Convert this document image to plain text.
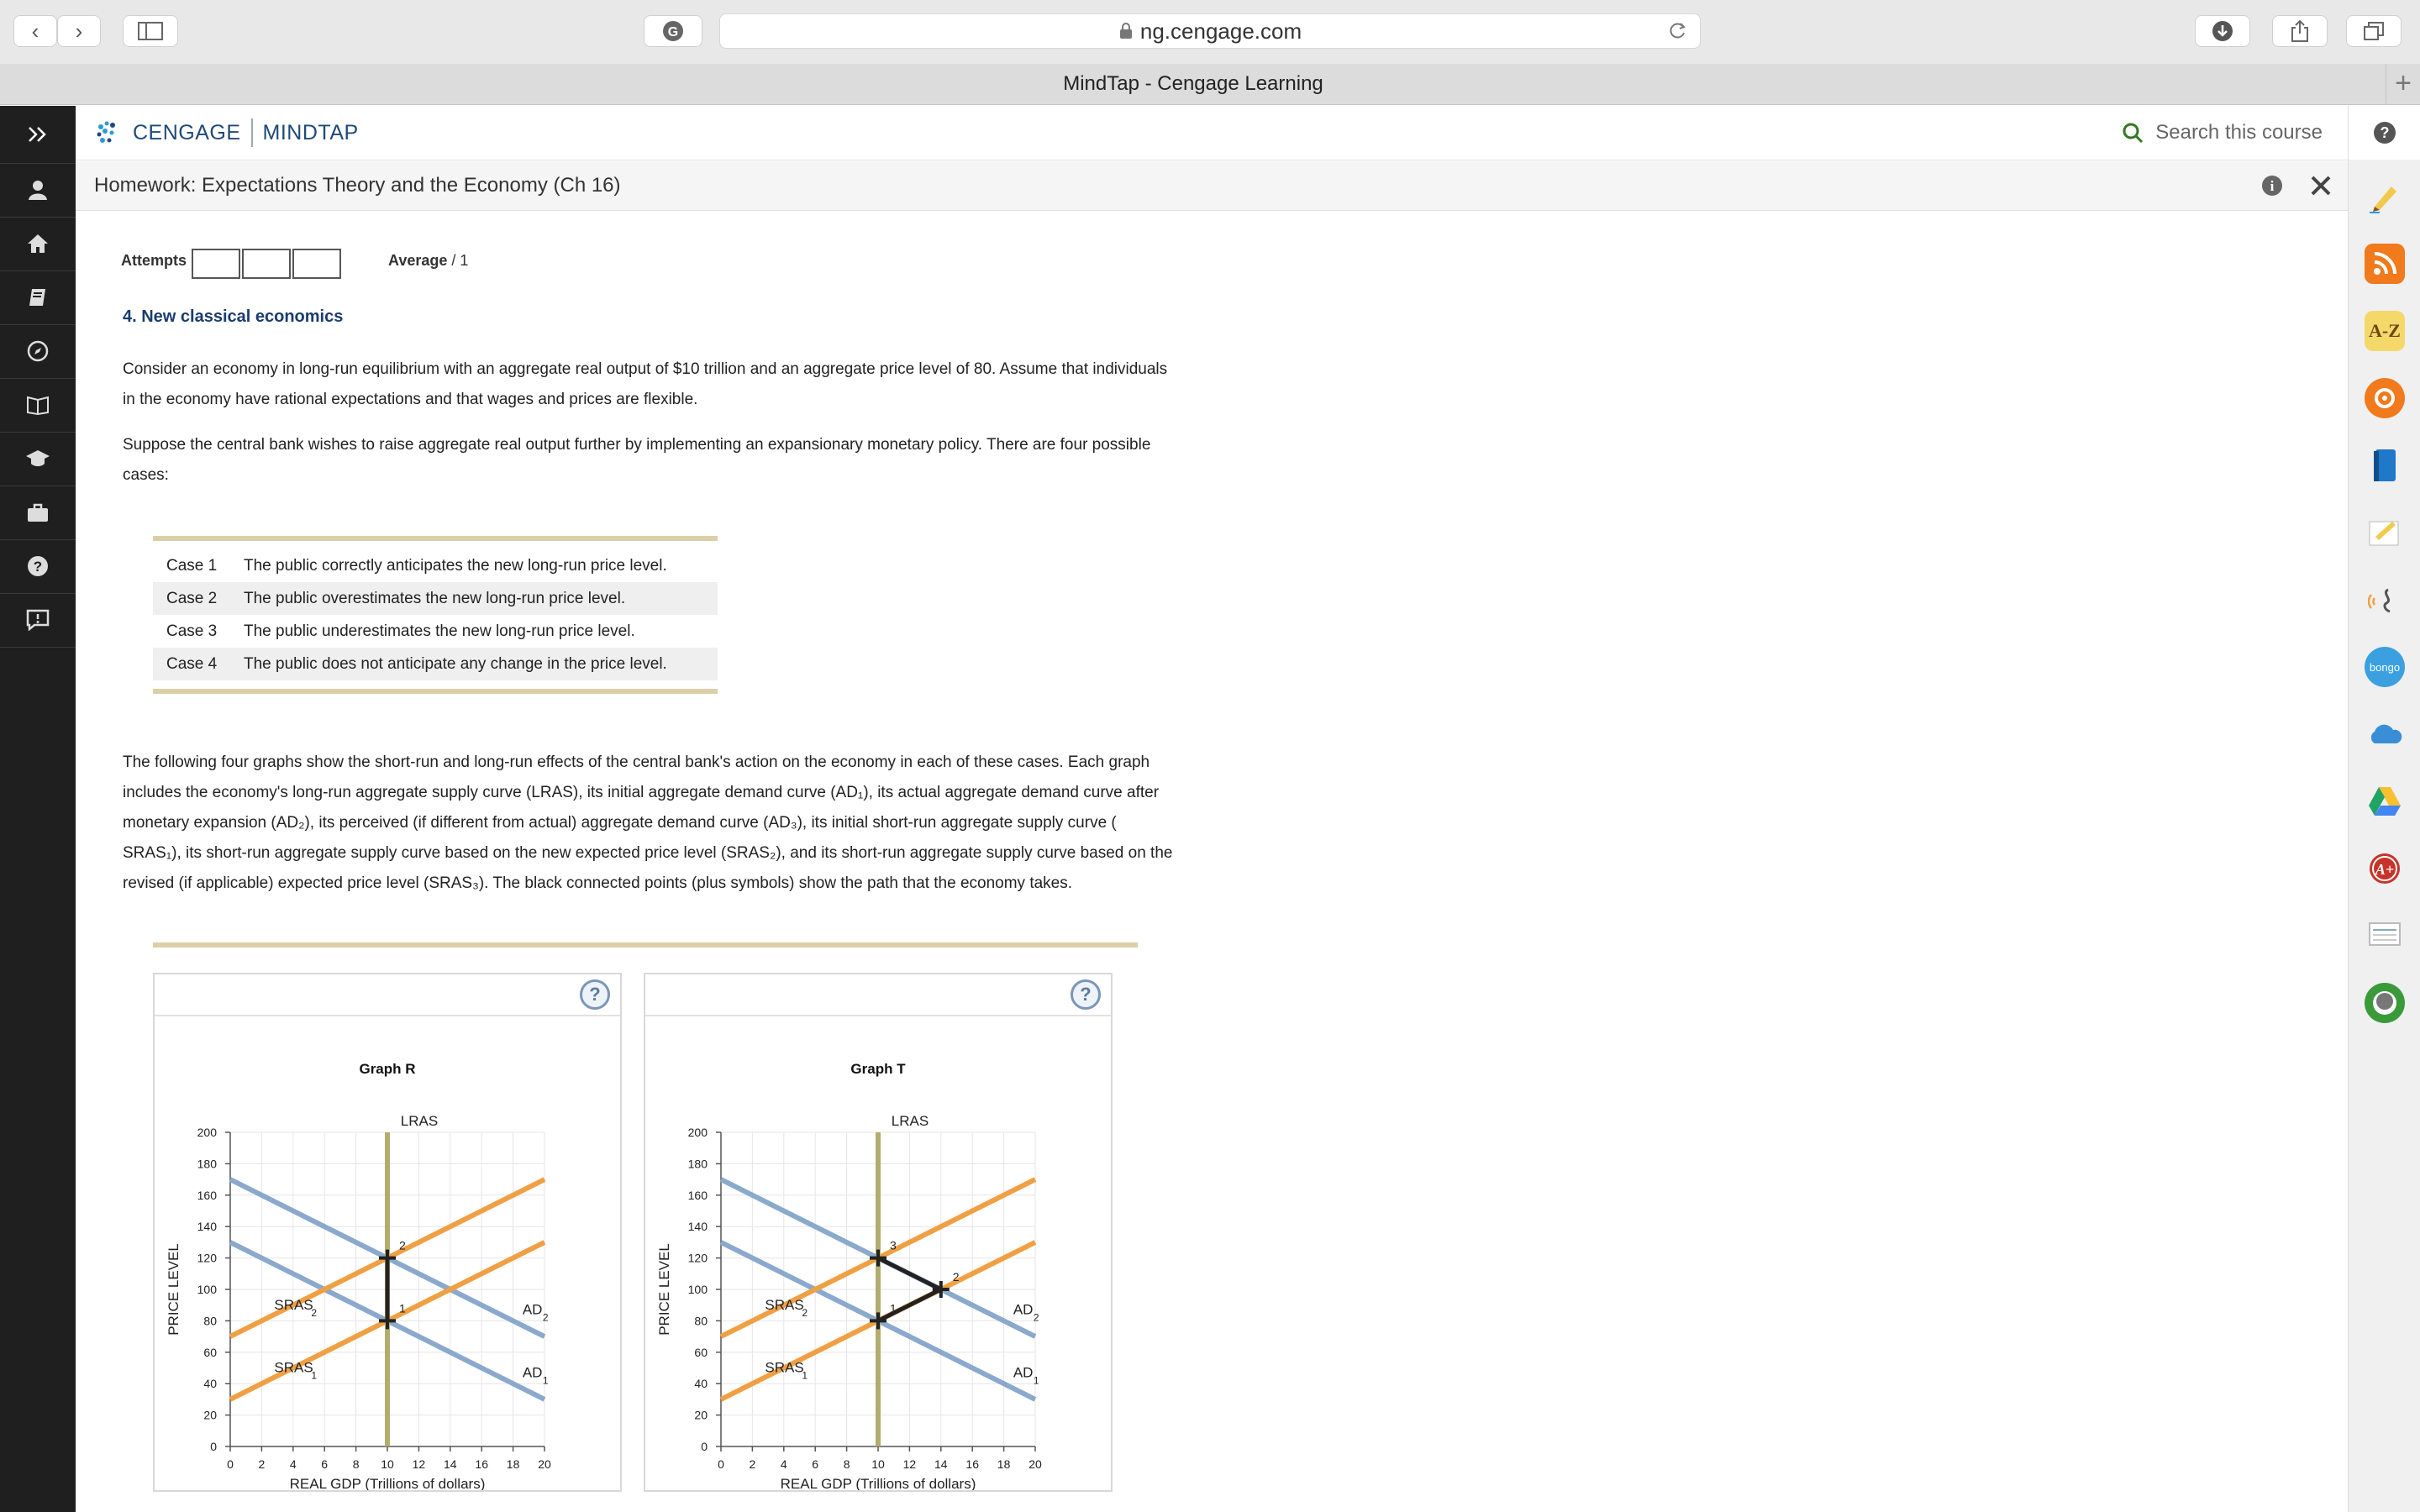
‹ ›	G	ng.cengage.com
MindTap - Cengage Learning	+
?
CENGAGE MINDTAP	Search this course	?
Homework: Expectations Theory and the Economy (Ch 16)	i
A-Z
bongo
A+
Attempts	Average / 1
4. New classical economics
Consider an economy in long-run equilibrium with an aggregate real output of $10 trillion and an aggregate price level of 80. Assume that individuals
in the economy have rational expectations and that wages and prices are flexible.
Suppose the central bank wishes to raise aggregate real output further by implementing an expansionary monetary policy. There are four possible
cases:
Case 1	The public correctly anticipates the new long-run price level.
Case 2	The public overestimates the new long-run price level.
Case 3	The public underestimates the new long-run price level.
Case 4	The public does not anticipate any change in the price level.
The following four graphs show the short-run and long-run effects of the central bank's action on the economy in each of these cases. Each graph
includes the economy's long-run aggregate supply curve (LRAS), its initial aggregate demand curve (AD₁), its actual aggregate demand curve after
monetary expansion (AD₂), its perceived (if different from actual) aggregate demand curve (AD₃), its initial short-run aggregate supply curve (
SRAS₁), its short-run aggregate supply curve based on the new expected price level (SRAS₂), and its short-run aggregate supply curve based on the
revised (if applicable) expected price level (SRAS₃). The black connected points (plus symbols) show the path that the economy takes.
?
0 2 4 6 8 10 12 14 16 18 20
0
20
40
60
80
100
120
140
160
180
200
Graph R
REAL GDP (Trillions of dollars)
PRICE LEVEL
LRAS
AD 1
AD 2
SRAS
1
SRAS
2	1
2
?
0 2 4 6 8 10 12 14 16 18 20
0
20
40
60
80
100
120
140
160
180
200
Graph T
REAL GDP (Trillions of dollars)
PRICE LEVEL
LRAS
AD 1
AD 2
SRAS
1
SRAS
2	1
2
3
